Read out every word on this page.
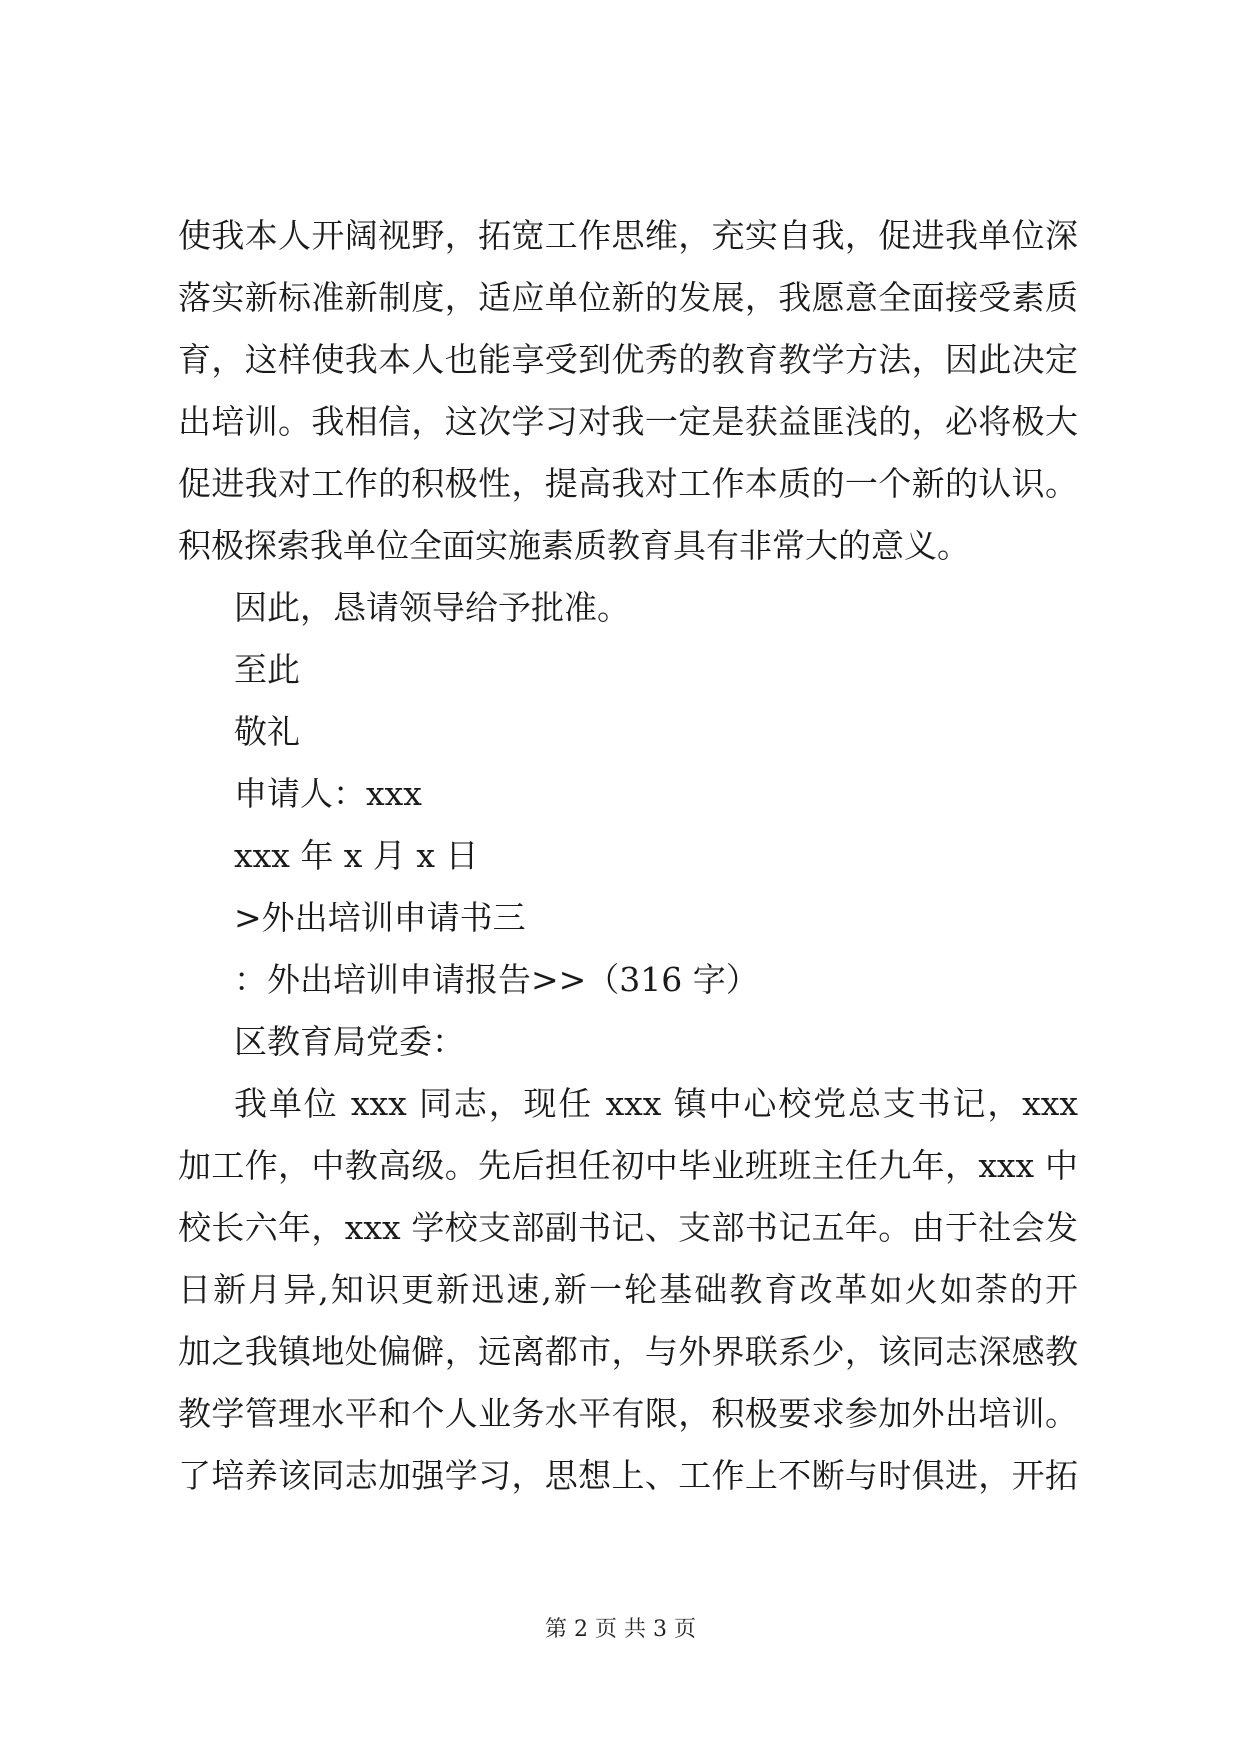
使我本人开阔视野，拓宽工作思维，充实自我，促进我单位深
落实新标准新制度，适应单位新的发展，我愿意全面接受素质
育，这样使我本人也能享受到优秀的教育教学方法，因此决定
出培训。我相信，这次学习对我一定是获益匪浅的，必将极大
促进我对工作的积极性，提高我对工作本质的一个新的认识。
积极探索我单位全面实施素质教育具有非常大的意义。
因此，恳请领导给予批准。
至此
敬礼
申请人：xxx
xxx 年 x 月 x 日
>外出培训申请书三
：外出培训申请报告>>（316 字）
区教育局党委：
我单位 xxx 同志，现任 xxx 镇中心校党总支书记，xxx
加工作，中教高级。先后担任初中毕业班班主任九年，xxx 中
校长六年，xxx 学校支部副书记、支部书记五年。由于社会发
日新月异,知识更新迅速,新一轮基础教育改革如火如荼的开
加之我镇地处偏僻，远离都市，与外界联系少，该同志深感教
教学管理水平和个人业务水平有限，积极要求参加外出培训。
了培养该同志加强学习，思想上、工作上不断与时俱进，开拓
第 2 页 共 3 页
